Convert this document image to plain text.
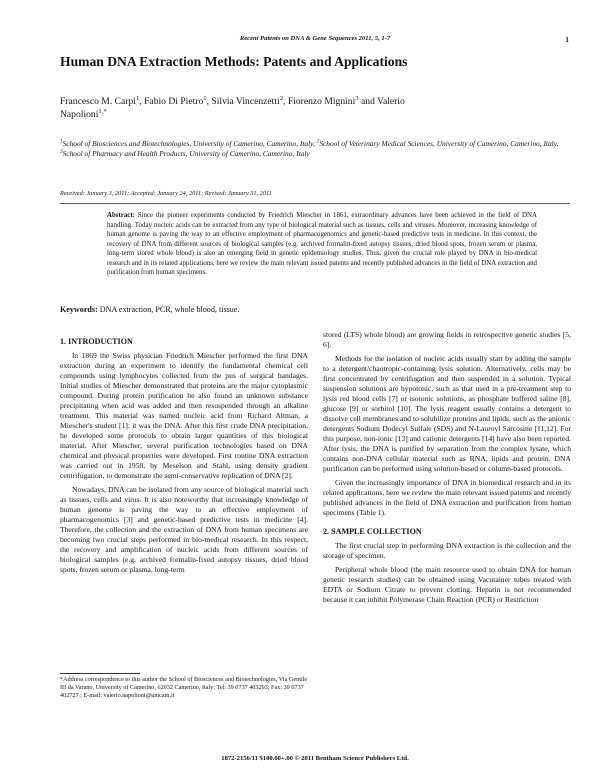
Recent Patents on DNA & Gene Sequences 2011, 5, 1-7	1
Human DNA Extraction Methods: Patents and Applications
Francesco M. Carpi$^1$, Fabio Di Pietro$^1$, Silvia Vincenzetti$^2$, Fiorenzo Mignini$^3$ and Valerio
Napolioni$^{1,*}$
$^1$School of Biosciences and Biotechnologies, University of Camerino, Camerino, Italy, $^2$School of Veterinary Medical Sciences, University of Camerino, Camerino, Italy, $^3$School of Pharmacy and Health Products, University of Camerino, Camerino, Italy
Received: January 3, 2011; Accepted: January 24, 2011; Revised: January 31, 2011
Abstract: Since the pioneer experiments conducted by Friedrich Miescher in 1861, extraordinary advances have been achieved in the field of DNA handling. Today nucleic acids can be extracted from any type of biological material such as tissues, cells and viruses. Moreover, increasing knowledge of human genome is paving the way to an effective employment of pharmacogenomics and genetic-based predictive tests in medicine. In this context, the recovery of DNA from different sources of biological samples (e.g. archived formalin-fixed autopsy tissues, dried blood spots, frozen serum or plasma, long-term stored whole blood) is also an emerging field in genetic epidemiology studies. Thus, given the crucial role played by DNA in bio-medical research and in its related applications, here we review the main relevant issued patents and recently published advances in the field of DNA extraction and purification from human specimens.
Keywords: DNA extraction, PCR, whole blood, tissue.

1. INTRODUCTION

In 1869 the Swiss physician Friedrich Miescher performed the first DNA extraction during an experiment to identify the fundamental chemical cell compounds using lymphocytes collected from the pus of surgical bandages. Initial studies of Miescher demonstrated that proteins are the major cytoplasmic compound. During protein purification he also found an unknown substance precipitating when acid was added and then resuspended through an alkaline treatment. This material was named nucleic acid from Richard Altman, a Miescher's student [1]: it was the DNA. After this first crude DNA precipitation, he developed some protocols to obtain larger quantities of this biological material. After Miescher, several purification technologies based on DNA chemical and physical properties were developed. First routine DNA extraction was carried out in 1958, by Meselson and Stahl, using density gradient centrifugation, to demonstrate the semi-conservative replication of DNA [2].

Nowadays, DNA can be isolated from any source of biological material such as tissues, cells and virus. It is also noteworthy that increasingly knowledge of human genome is paving the way to an effective employment of pharmacogenomics [3] and genetic-based predictive tests in medicine [4]. Therefore, the collection and the extraction of DNA from human specimens are becoming two crucial steps performed in bio-medical research. In this respect, the recovery and amplification of nucleic acids from different sources of biological samples (e.g. archived formalin-fixed autopsy tissues, dried blood spots, frozen serum or plasma, long-term

stored (LTS) whole blood) are growing fields in retrospective genetic studies [5, 6].

Methods for the isolation of nucleic acids usually start by adding the sample to a detergent/chaotropic-containing lysis solution. Alternatively, cells may be first concentrated by centrifugation and then suspended in a solution. Typical suspension solutions are hypotonic, such as that used in a pre-treatment step to lysis red blood cells [7] or isotonic solutions, as phosphate buffered saline [8], glucose [9] or sorbitol [10]. The lysis reagent usually contains a detergent to dissolve cell membranes and to solubilize proteins and lipids, such as the anionic detergents Sodium Dodecyl Sulfate (SDS) and N-Lauroyl Sarcosine [11,12]. For this purpose, non-ionic [13] and cationic detergents [14] have also been reported. After lysis, the DNA is purified by separation from the complex lysate, which contains non-DNA cellular material such as RNA, lipids and protein. DNA purification can be performed using solution-based or column-based protocols.

Given the increasingly importance of DNA in biomedical research and in its related applications, here we review the main relevant issued patents and recently published advances in the field of DNA extraction and purification from human specimens (Table 1).

2. SAMPLE COLLECTION

The first crucial step in performing DNA extraction is the collection and the storage of specimen.

Peripheral whole blood (the main resource used to obtain DNA for human genetic research studies) can be obtained using Vacutainer tubes treated with EDTA or Sodium Citrate to prevent clotting. Heparin is not recommended because it can inhibit Polymerase Chain Reaction (PCR) or Restriction

*Address correspondence to this author the School of Biosciences and Biotechnologies, Via Gentile III da Varano, University of Camerino, 62032 Camerino, Italy; Tel: 39 0737 403293; Fax: 39 0737 402727 ; E-mail: valerio.napolioni@unicam.it
1872-2156/11 $100.00+.00 © 2011 Bentham Science Publishers Ltd.
